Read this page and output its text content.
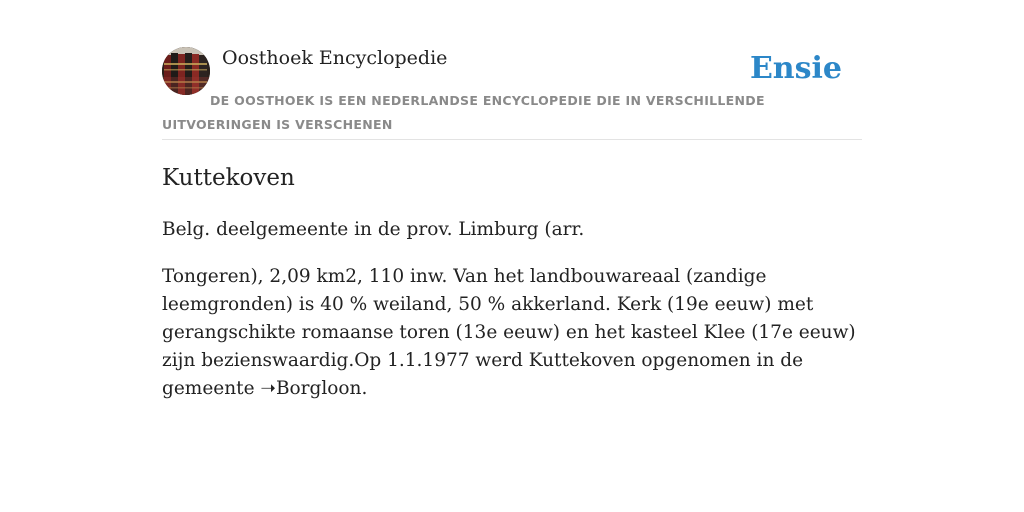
Oosthoek Encyclopedie	Ensie
DE OOSTHOEK IS EEN NEDERLANDSE ENCYCLOPEDIE DIE IN VERSCHILLENDE UITVOERINGEN IS VERSCHENEN
Kuttekoven

Belg. deelgemeente in de prov. Limburg (arr.

Tongeren), 2,09 km2, 110 inw. Van het landbouwareaal (zandige leemgronden) is 40 % weiland, 50 % akkerland. Kerk (19e eeuw) met gerangschikte romaanse toren (13e eeuw) en het kasteel Klee (17e eeuw) zijn bezienswaardig.Op 1.1.1977 werd Kuttekoven opgenomen in de gemeente ➝Borgloon.
